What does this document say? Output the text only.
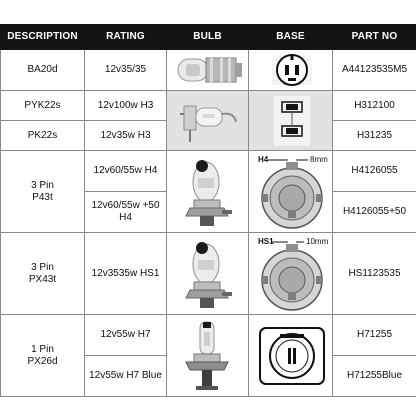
DESCRIPTION	RATING	BULB	BASE	PART NO
BA20d	12v35/35			A44123535M5
PYK22s	12v100w H3			H312100
PK22s	12v35w H3			H31235
3 Pin
P43t	12v60/55w H4		H4 8mm	H4126055
	12v60/55w +50 H4			H4126055+50
3 Pin
PX43t	12v3535w HS1		HS1 10mm	HS1123535
1 Pin
PX26d	12v55w H7			H71255
	12v55w H7 Blue			H71255Blue
